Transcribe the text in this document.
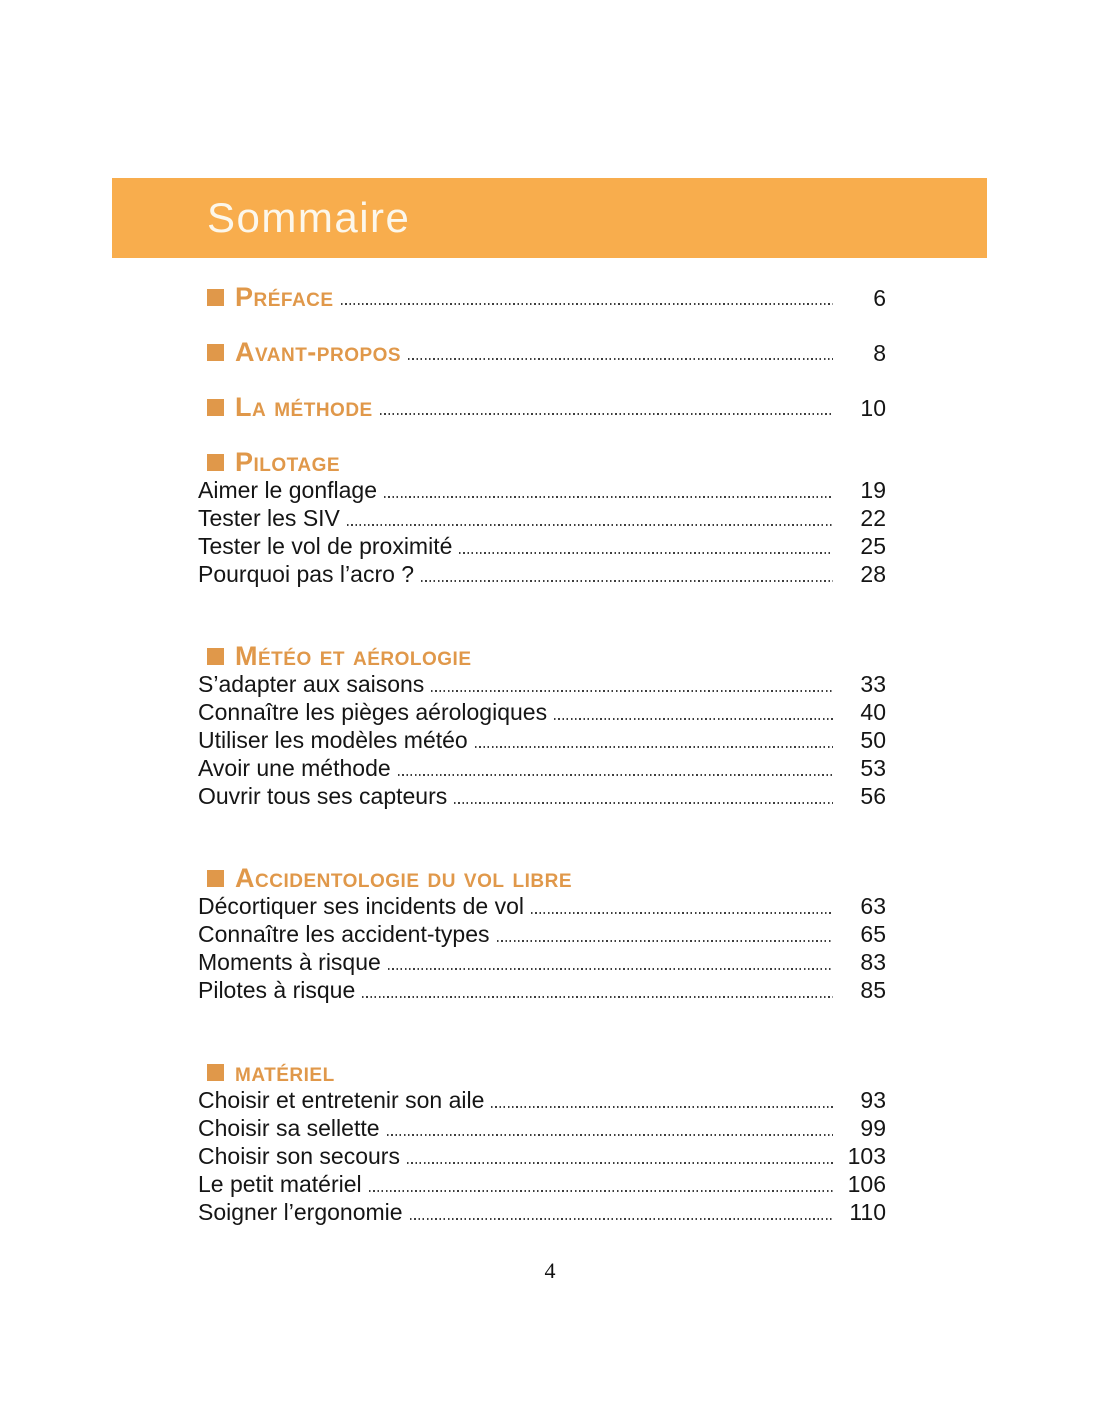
Sommaire
Préface	6
Avant-propos	8
La méthode	10
Pilotage
Aimer le gonflage	19
Tester les SIV	22
Tester le vol de proximité	25
Pourquoi pas l’acro ?	28
Météo et aérologie
S’adapter aux saisons	33
Connaître les pièges aérologiques	40
Utiliser les modèles météo	50
Avoir une méthode	53
Ouvrir tous ses capteurs	56
Accidentologie du vol libre
Décortiquer ses incidents de vol	63
Connaître les accident-types	65
Moments à risque	83
Pilotes à risque	85
matériel
Choisir et entretenir son aile	93
Choisir sa sellette	99
Choisir son secours	103
Le petit matériel	106
Soigner l’ergonomie	110
4
